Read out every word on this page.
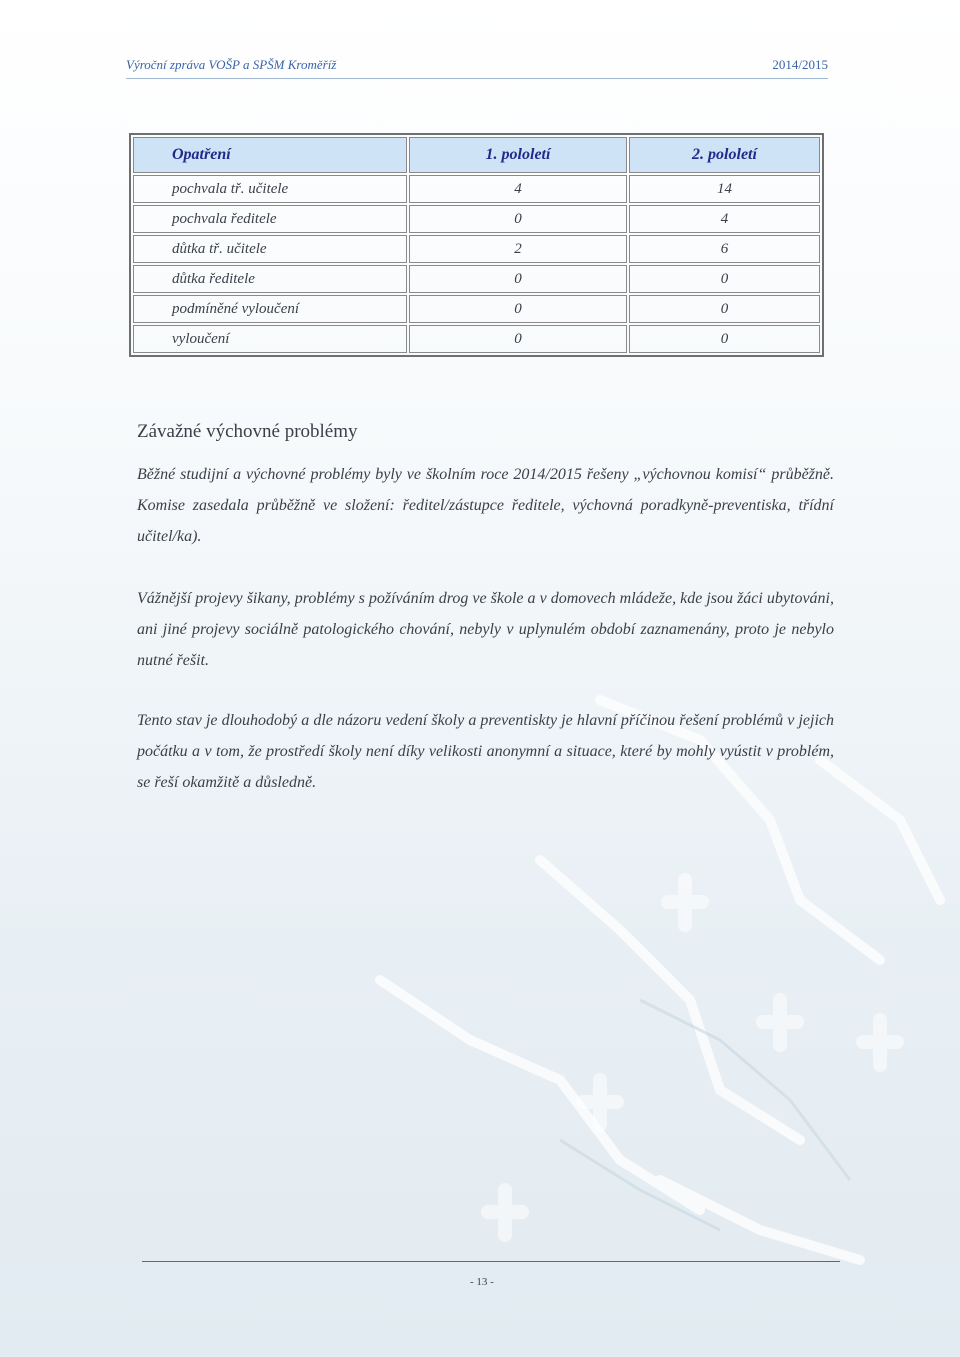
Výroční zpráva VOŠP a SPŠM Kroměříž	2014/2015
Opatření	1. pololetí	2. pololetí
pochvala tř. učitele	4	14
pochvala ředitele	0	4
důtka tř. učitele	2	6
důtka ředitele	0	0
podmíněné vyloučení	0	0
vyloučení	0	0
Závažné výchovné problémy

Běžné studijní a výchovné problémy byly ve školním roce 2014/2015 řešeny „výchovnou komisí“ průběžně. Komise zasedala průběžně ve složení: ředitel/zástupce ředitele, výchovná poradkyně-preventiska, třídní učitel/ka).

Vážnější projevy šikany, problémy s požíváním drog ve škole a v domovech mládeže, kde jsou žáci ubytováni, ani jiné projevy sociálně patologického chování, nebyly v uplynulém období zaznamenány, proto je nebylo nutné řešit.

Tento stav je dlouhodobý a dle názoru vedení školy a preventiskty je hlavní příčinou řešení problémů v jejich počátku a v tom, že prostředí školy není díky velikosti anonymní a situace, které by mohly vyústit v problém, se řeší okamžitě a důsledně.

- 13 -
